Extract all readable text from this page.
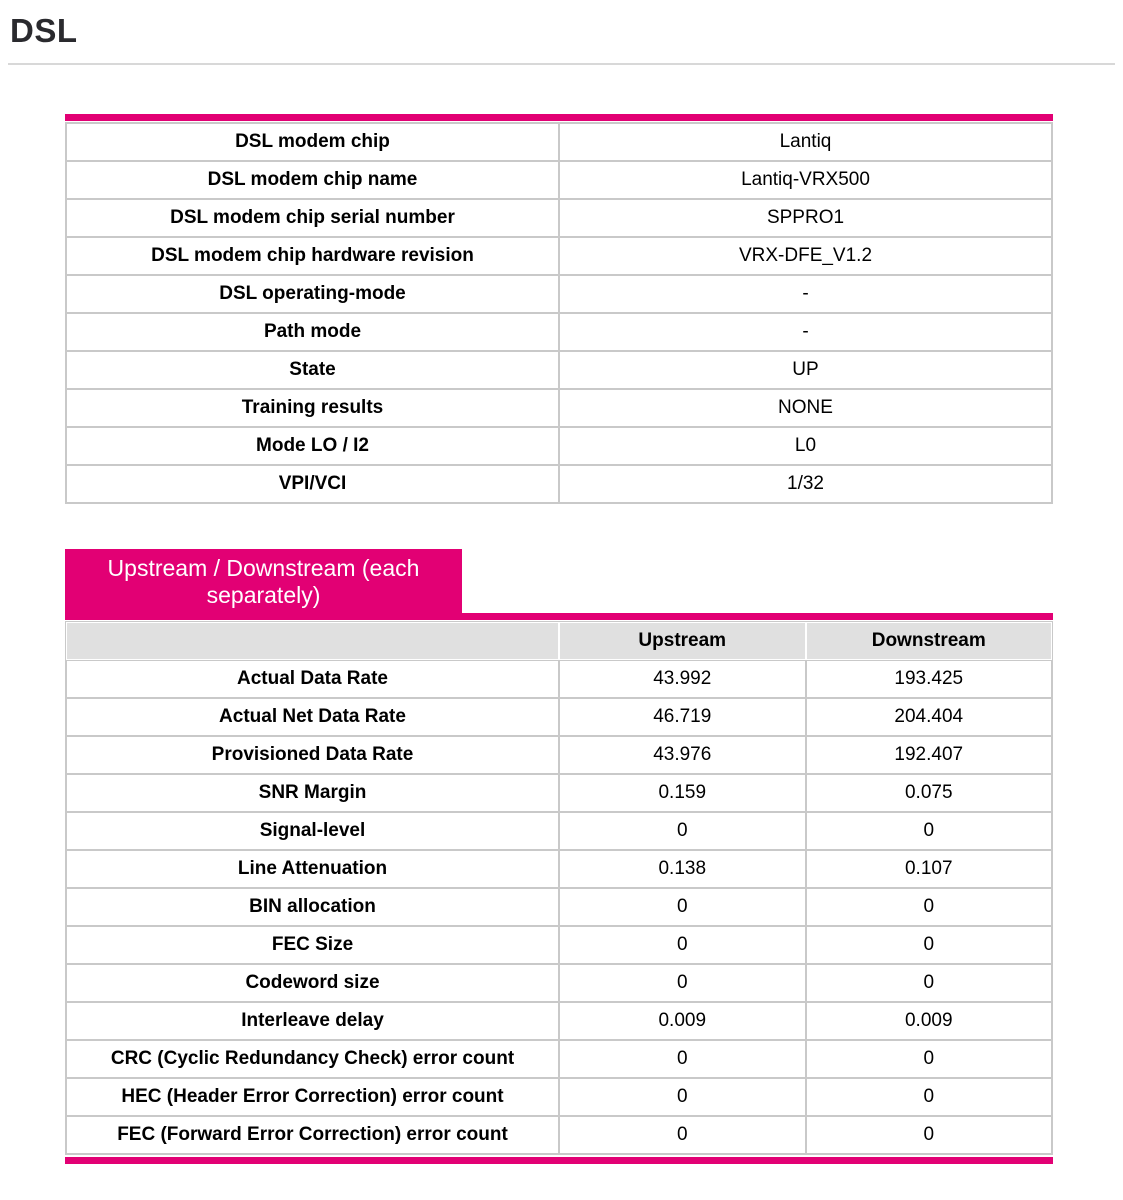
DSL
DSL modem chip	Lantiq
DSL modem chip name	Lantiq-VRX500
DSL modem chip serial number	SPPRO1
DSL modem chip hardware revision	VRX-DFE_V1.2
DSL operating-mode	-
Path mode	-
State	UP
Training results	NONE
Mode LO / I2	L0
VPI/VCI	1/32
Upstream / Downstream (each separately)
	Upstream	Downstream
Actual Data Rate	43.992	193.425
Actual Net Data Rate	46.719	204.404
Provisioned Data Rate	43.976	192.407
SNR Margin	0.159	0.075
Signal-level	0	0
Line Attenuation	0.138	0.107
BIN allocation	0	0
FEC Size	0	0
Codeword size	0	0
Interleave delay	0.009	0.009
CRC (Cyclic Redundancy Check) error count	0	0
HEC (Header Error Correction) error count	0	0
FEC (Forward Error Correction) error count	0	0
